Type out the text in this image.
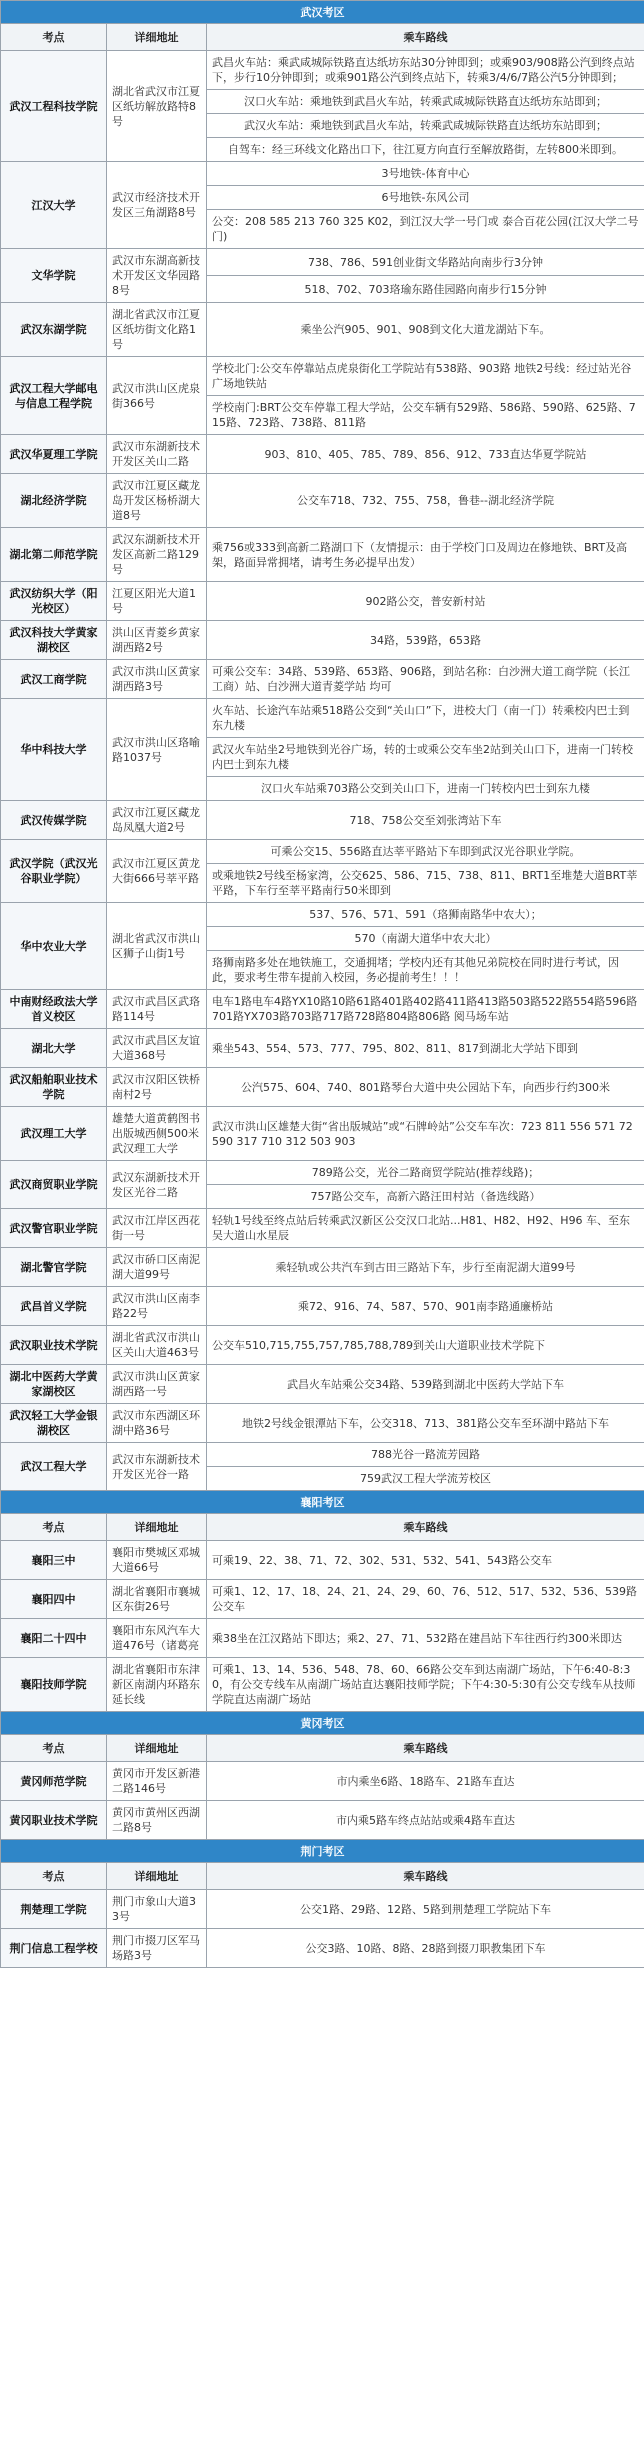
武汉考区		
考点	详细地址	乘车路线
武汉工程科技学院	湖北省武汉市江夏区纸坊解放路特8号	武昌火车站：乘武咸城际铁路直达纸坊东站30分钟即到；或乘903/908路公汽到终点站下，步行10分钟即到；或乘901路公汽到终点站下，转乘3/4/6/7路公汽5分钟即到；
		汉口火车站：乘地铁到武昌火车站，转乘武咸城际铁路直达纸坊东站即到；
		武汉火车站：乘地铁到武昌火车站，转乘武咸城际铁路直达纸坊东站即到；
		自驾车：经三环线文化路出口下，往江夏方向直行至解放路街，左转800米即到。
江汉大学	武汉市经济技术开发区三角湖路8号	3号地铁-体育中心
		6号地铁-东风公司
		公交：208 585 213 760 325 K02，到江汉大学一号门或 泰合百花公园(江汉大学二号门)
文华学院	武汉市东湖高新技术开发区文华园路8号	738、786、591创业街文华路站向南步行3分钟
		518、702、703珞瑜东路佳园路向南步行15分钟
武汉东湖学院	湖北省武汉市江夏区纸坊街文化路1号	乘坐公汽905、901、908到文化大道龙湖站下车。
武汉工程大学邮电与信息工程学院	武汉市洪山区虎泉街366号	学校北门:公交车停靠站点虎泉街化工学院站有538路、903路 地铁2号线：经过站光谷广场地铁站
		学校南门:BRT公交车停靠工程大学站，公交车辆有529路、586路、590路、625路、715路、723路、738路、811路
武汉华夏理工学院	武汉市东湖新技术开发区关山二路	903、810、405、785、789、856、912、733直达华夏学院站
湖北经济学院	武汉市江夏区藏龙岛开发区杨桥湖大道8号	公交车718、732、755、758，鲁巷--湖北经济学院
湖北第二师范学院	武汉东湖新技术开发区高新二路129号	乘756或333到高新二路湖口下（友情提示：由于学校门口及周边在修地铁、BRT及高架，路面异常拥堵，请考生务必提早出发）
武汉纺织大学（阳光校区）	江夏区阳光大道1号	902路公交，普安新村站
武汉科技大学黄家湖校区	洪山区青菱乡黄家湖西路2号	34路，539路，653路
武汉工商学院	武汉市洪山区黄家湖西路3号	可乘公交车：34路、539路、653路、906路，到站名称：白沙洲大道工商学院（长江工商）站、白沙洲大道青菱学站 均可
华中科技大学	武汉市洪山区珞喻路1037号	火车站、长途汽车站乘518路公交到“关山口”下，进校大门（南一门）转乘校内巴士到东九楼
		武汉火车站坐2号地铁到光谷广场，转的士或乘公交车坐2站到关山口下，进南一门转校内巴士到东九楼
		汉口火车站乘703路公交到关山口下，进南一门转校内巴士到东九楼
武汉传媒学院	武汉市江夏区藏龙岛凤凰大道2号	718、758公交至刘张湾站下车
武汉学院（武汉光谷职业学院）	武汉市江夏区黄龙大街666号莘平路	可乘公交15、556路直达莘平路站下车即到武汉光谷职业学院。
		或乘地铁2号线至杨家湾，公交625、586、715、738、811、BRT1至堆楚大道BRT莘平路，下车行至莘平路南行50米即到
华中农业大学	湖北省武汉市洪山区狮子山街1号	537、576、571、591（珞狮南路华中农大）；
		570（南湖大道华中农大北）
		珞狮南路多处在地铁施工，交通拥堵；学校内还有其他兄弟院校在同时进行考试，因此，要求考生带车提前入校园，务必提前考生！！！
中南财经政法大学首义校区	武汉市武昌区武珞路114号	电车1路电车4路YX10路10路61路401路402路411路413路503路522路554路596路701路YX703路703路717路728路804路806路 阅马场车站
湖北大学	武汉市武昌区友谊大道368号	乘坐543、554、573、777、795、802、811、817到湖北大学站下即到
武汉船舶职业技术学院	武汉市汉阳区铁桥南村2号	公汽575、604、740、801路琴台大道中央公园站下车，向西步行约300米
武汉理工大学	雄楚大道黄鹤图书出版城西侧500米武汉理工大学	武汉市洪山区雄楚大街“省出版城站”或“石牌岭站”公交车车次：723 811 556 571 72 590 317 710 312 503 903
武汉商贸职业学院	武汉东湖新技术开发区光谷二路	789路公交，光谷二路商贸学院站(推荐线路)；
		757路公交车，高新六路汪田村站（备选线路）
武汉警官职业学院	武汉市江岸区西花街一号	轻轨1号线至终点站后转乘武汉新区公交汉口北站...H81、H82、H92、H96 车、至东吴大道山水星辰
湖北警官学院	武汉市硚口区南泥湖大道99号	乘轻轨或公共汽车到古田三路站下车，步行至南泥湖大道99号
武昌首义学院	武汉市洪山区南李路22号	乘72、916、74、587、570、901南李路通廉桥站
武汉职业技术学院	湖北省武汉市洪山区关山大道463号	公交车510,715,755,757,785,788,789到关山大道职业技术学院下
湖北中医药大学黄家湖校区	武汉市洪山区黄家湖西路一号	武昌火车站乘公交34路、539路到湖北中医药大学站下车
武汉轻工大学金银湖校区	武汉市东西湖区环湖中路36号	地铁2号线金银潭站下车，公交318、713、381路公交车至环湖中路站下车
武汉工程大学	武汉市东湖新技术开发区光谷一路	788光谷一路流芳园路
		759武汉工程大学流芳校区
襄阳考区		
考点	详细地址	乘车路线
襄阳三中	襄阳市樊城区邓城大道66号	可乘19、22、38、71、72、302、531、532、541、543路公交车
襄阳四中	湖北省襄阳市襄城区东街26号	可乘1、12、17、18、24、21、24、29、60、76、512、517、532、536、539路公交车
襄阳二十四中	襄阳市东风汽车大道476号（诸葛亮	乘38坐在江汉路站下即达；乘2、27、71、532路在建昌站下车往西行约300米即达
襄阳技师学院	湖北省襄阳市东津新区南湖内环路东延长线	可乘1、13、14、536、548、78、60、66路公交车到达南湖广场站，下午6:40-8:30，有公交专线车从南湖广场站直达襄阳技师学院；下午4:30-5:30有公交专线车从技师学院直达南湖广场站
黄冈考区		
考点	详细地址	乘车路线
黄冈师范学院	黄冈市开发区新港二路146号	市内乘坐6路、18路车、21路车直达
黄冈职业技术学院	黄冈市黄州区西湖二路8号	市内乘5路车终点站站或乘4路车直达
荆门考区		
考点	详细地址	乘车路线
荆楚理工学院	荆门市象山大道33号	公交1路、29路、12路、5路到荆楚理工学院站下车
荆门信息工程学校	荆门市掇刀区军马场路3号	公交3路、10路、8路、28路到掇刀职教集团下车
